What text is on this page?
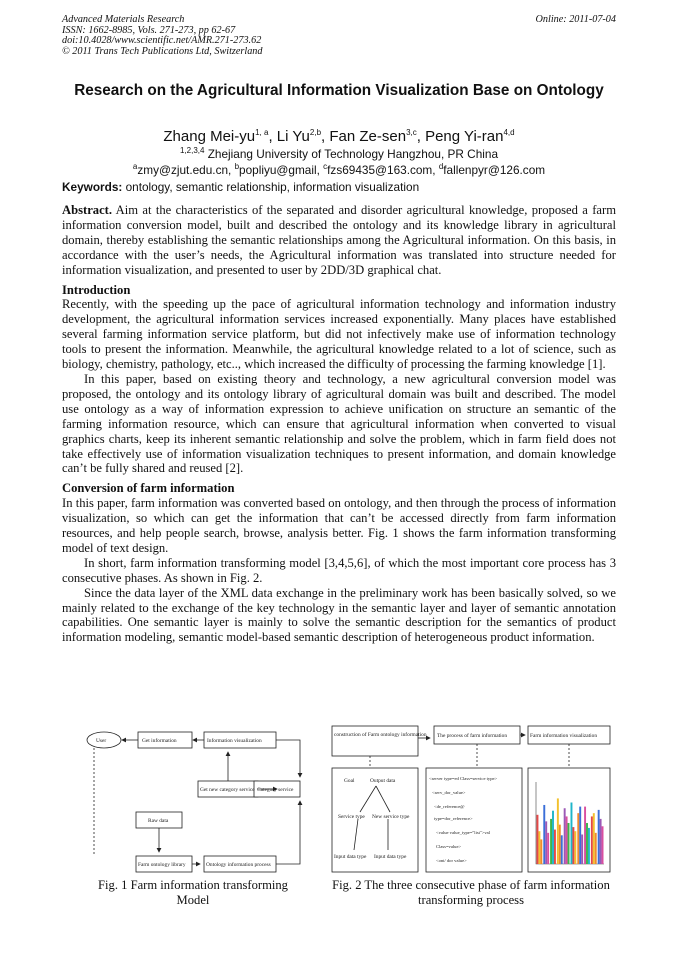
Advanced Materials Research
ISSN: 1662-8985, Vols. 271-273, pp 62-67
doi:10.4028/www.scientific.net/AMR.271-273.62
© 2011 Trans Tech Publications Ltd, Switzerland
Online: 2011-07-04
Research on the Agricultural Information Visualization Base on Ontology
Zhang Mei-yu$^{1, a}$, Li Yu$^{2,b}$, Fan Ze-sen$^{3,c}$, Peng Yi-ran$^{4,d}$
$^{1,2,3,4}$ Zhejiang University of Technology Hangzhou, PR China
$^a$zmy@zjut.edu.cn, $^b$popliyu@gmail, $^c$fzs69435@163.com, $^d$fallenpyr@126.com
Keywords: ontology, semantic relationship, information visualization

Abstract. Aim at the characteristics of the separated and disorder agricultural knowledge, proposed a farm information conversion model, built and described the ontology and its knowledge library in agricultural domain, thereby establishing the semantic relationships among the Agricultural information. On this basis, in accordance with the user’s needs, the Agricultural information was translated into structure needed for information visualization, and presented to user by 2DD/3D graphical chat.

Introduction

Recently, with the speeding up the pace of agricultural information technology and information industry development, the agricultural information services increased exponentially. Many places have established several farming information service platform, but did not infectively make use of information technology tools to present the information. Meanwhile, the agricultural knowledge related to a lot of science, such as biology, chemistry, pathology, etc.., which increased the difficulty of processing the farming knowledge [1].

In this paper, based on existing theory and technology, a new agricultural conversion model was proposed, the ontology and its ontology library of agricultural domain was built and described. The model use ontology as a way of information expression to achieve unification on structure an semantic of the farming information resource, which can ensure that agricultural information when converted to visual graphics charts, keep its inherent semantic relationship and solve the problem, which in farm field does not take effectively use of information visualization techniques to present information, and domain knowledge can’t be fully shared and reused [2].

Conversion of farm information

In this paper, farm information was converted based on ontology, and then through the process of information visualization, so which can get the information that can’t be accessed directly from farm information resources, and help people search, browse, analysis better. Fig. 1 shows the farm information transforming model of text design.

In short, farm information transforming model [3,4,5,6], of which the most important core process has 3 consecutive phases. As shown in Fig. 2.

Since the data layer of the XML data exchange in the preliminary work has been basically solved, so we mainly related to the exchange of the key technology in the semantic layer and layer of semantic annotation capabilities. One semantic layer is mainly to solve the semantic description for the semantics of product information modeling, semantic model-based semantic description of heterogeneous product information.

User	Get information	Information visualization
Get new category service Category service
Raw data
Farm ontology library	Ontology information process
construction of Farm ontology information The process of farm information	Farm information visualization
Goal	Output data
Service type New service type
Input data type Input data type
<server type=ed Class=service type>
<serv_dor_value>
<de_reference@
type=dor_reference>
<value value_type="list">val
Class=value>
<ont/ dor value>
Fig. 1 Farm information transforming Model
Fig. 2 The three consecutive phase of farm information transforming process
